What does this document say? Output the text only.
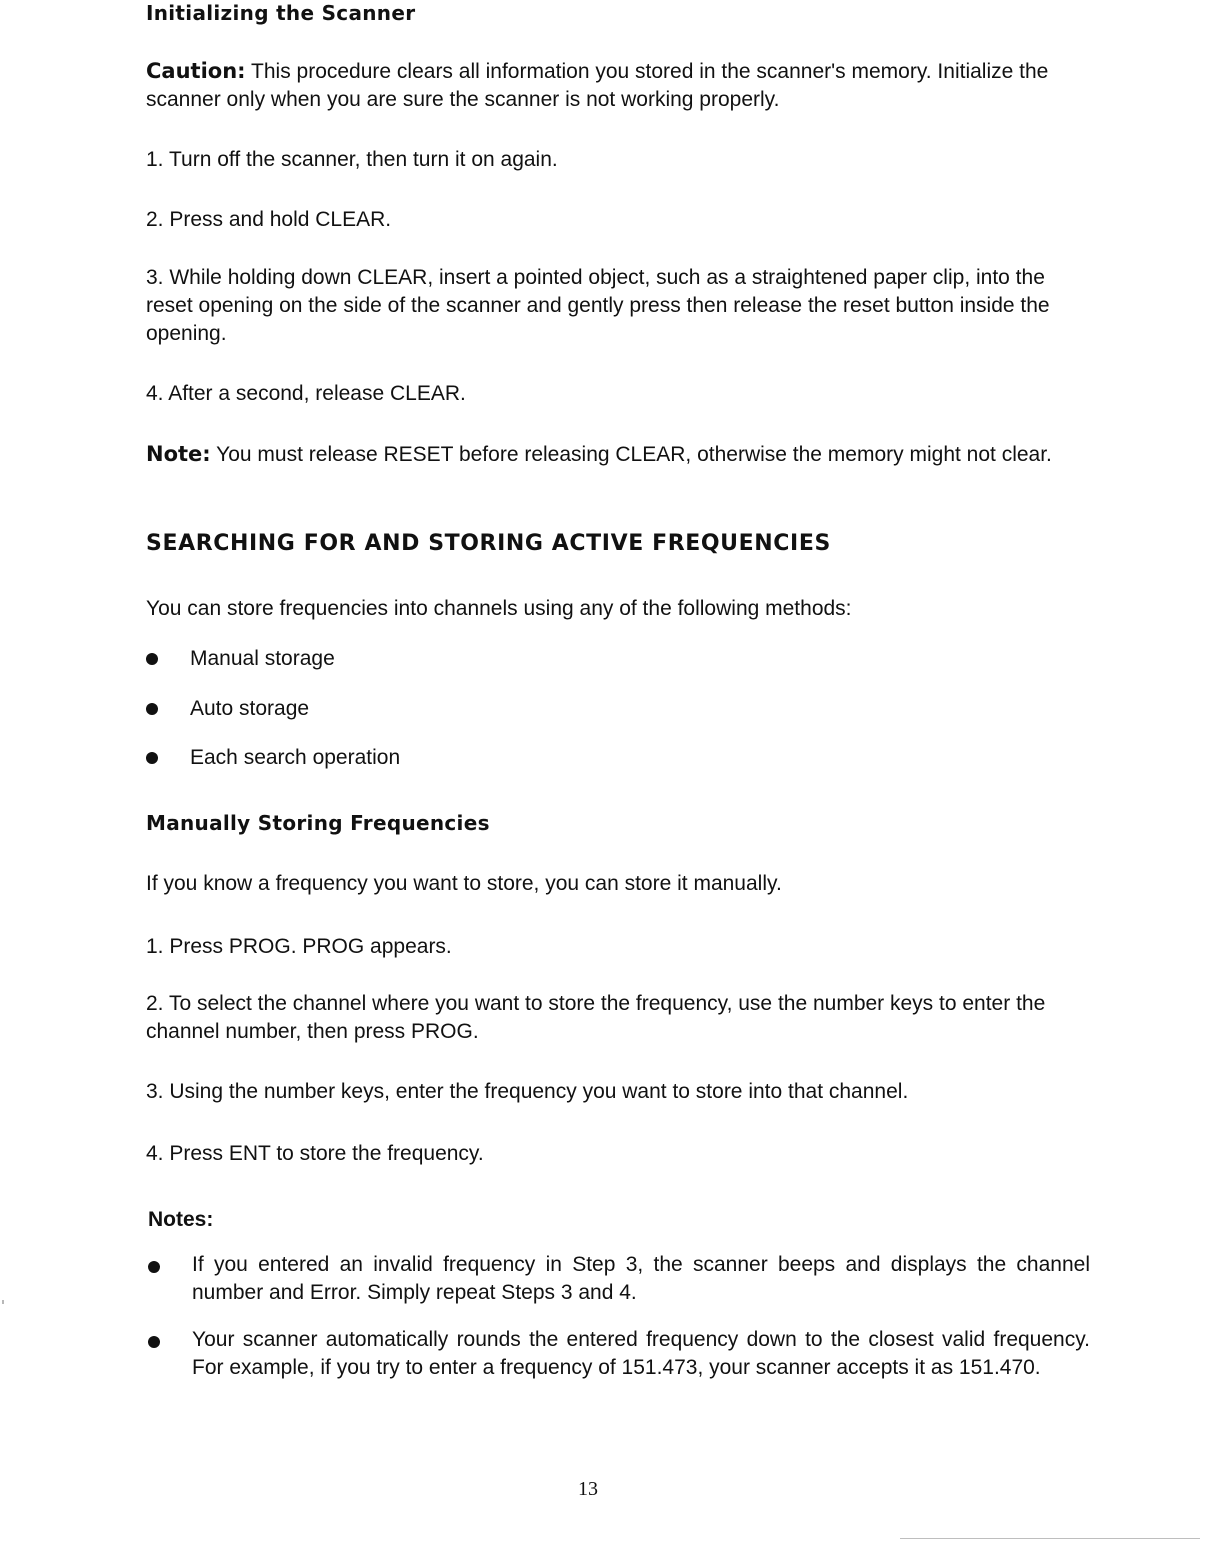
Initializing the Scanner

Caution: This procedure clears all information you stored in the scanner's memory. Initialize the scanner only when you are sure the scanner is not working properly.

1. Turn off the scanner, then turn it on again.

2. Press and hold CLEAR.

3. While holding down CLEAR, insert a pointed object, such as a straightened paper clip, into the reset opening on the side of the scanner and gently press then release the reset button inside the opening.

4. After a second, release CLEAR.

Note: You must release RESET before releasing CLEAR, otherwise the memory might not clear.

SEARCHING FOR AND STORING ACTIVE FREQUENCIES

You can store frequencies into channels using any of the following methods:

Manual storage

Auto storage

Each search operation

Manually Storing Frequencies

If you know a frequency you want to store, you can store it manually.

1. Press PROG. PROG appears.

2. To select the channel where you want to store the frequency, use the number keys to enter the channel number, then press PROG.

3. Using the number keys, enter the frequency you want to store into that channel.

4. Press ENT to store the frequency.

Notes:

If you entered an invalid frequency in Step 3, the scanner beeps and displays the channel number and Error. Simply repeat Steps 3 and 4.

Your scanner automatically rounds the entered frequency down to the closest valid frequency. For example, if you try to enter a frequency of 151.473, your scanner accepts it as 151.470.

13
